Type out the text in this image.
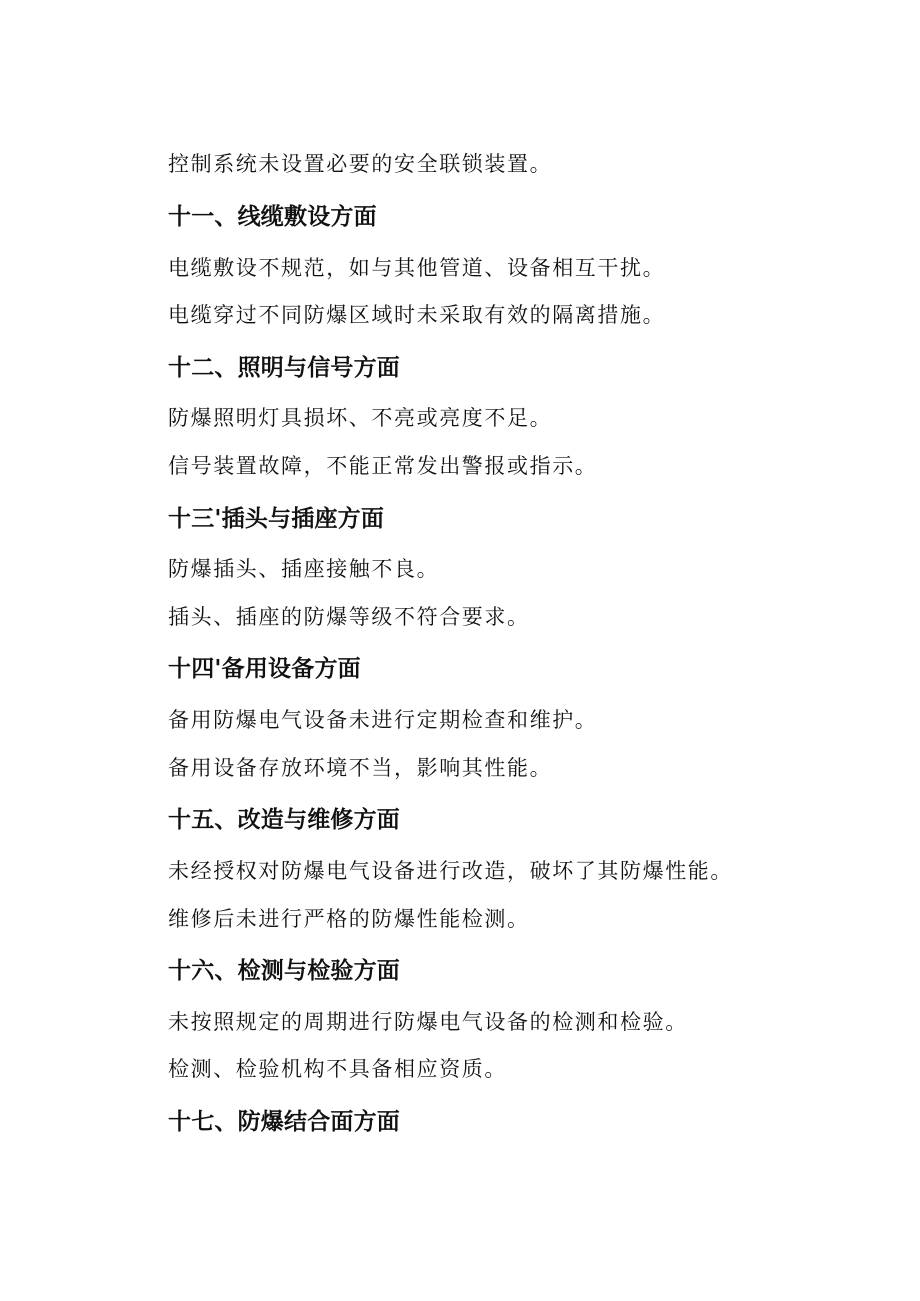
控制系统未设置必要的安全联锁装置。
十一、线缆敷设方面
电缆敷设不规范，如与其他管道、设备相互干扰。
电缆穿过不同防爆区域时未采取有效的隔离措施。
十二、照明与信号方面
防爆照明灯具损坏、不亮或亮度不足。
信号装置故障，不能正常发出警报或指示。
十三'插头与插座方面
防爆插头、插座接触不良。
插头、插座的防爆等级不符合要求。
十四'备用设备方面
备用防爆电气设备未进行定期检查和维护。
备用设备存放环境不当，影响其性能。
十五、改造与维修方面
未经授权对防爆电气设备进行改造，破坏了其防爆性能。
维修后未进行严格的防爆性能检测。
十六、检测与检验方面
未按照规定的周期进行防爆电气设备的检测和检验。
检测、检验机构不具备相应资质。
十七、防爆结合面方面
